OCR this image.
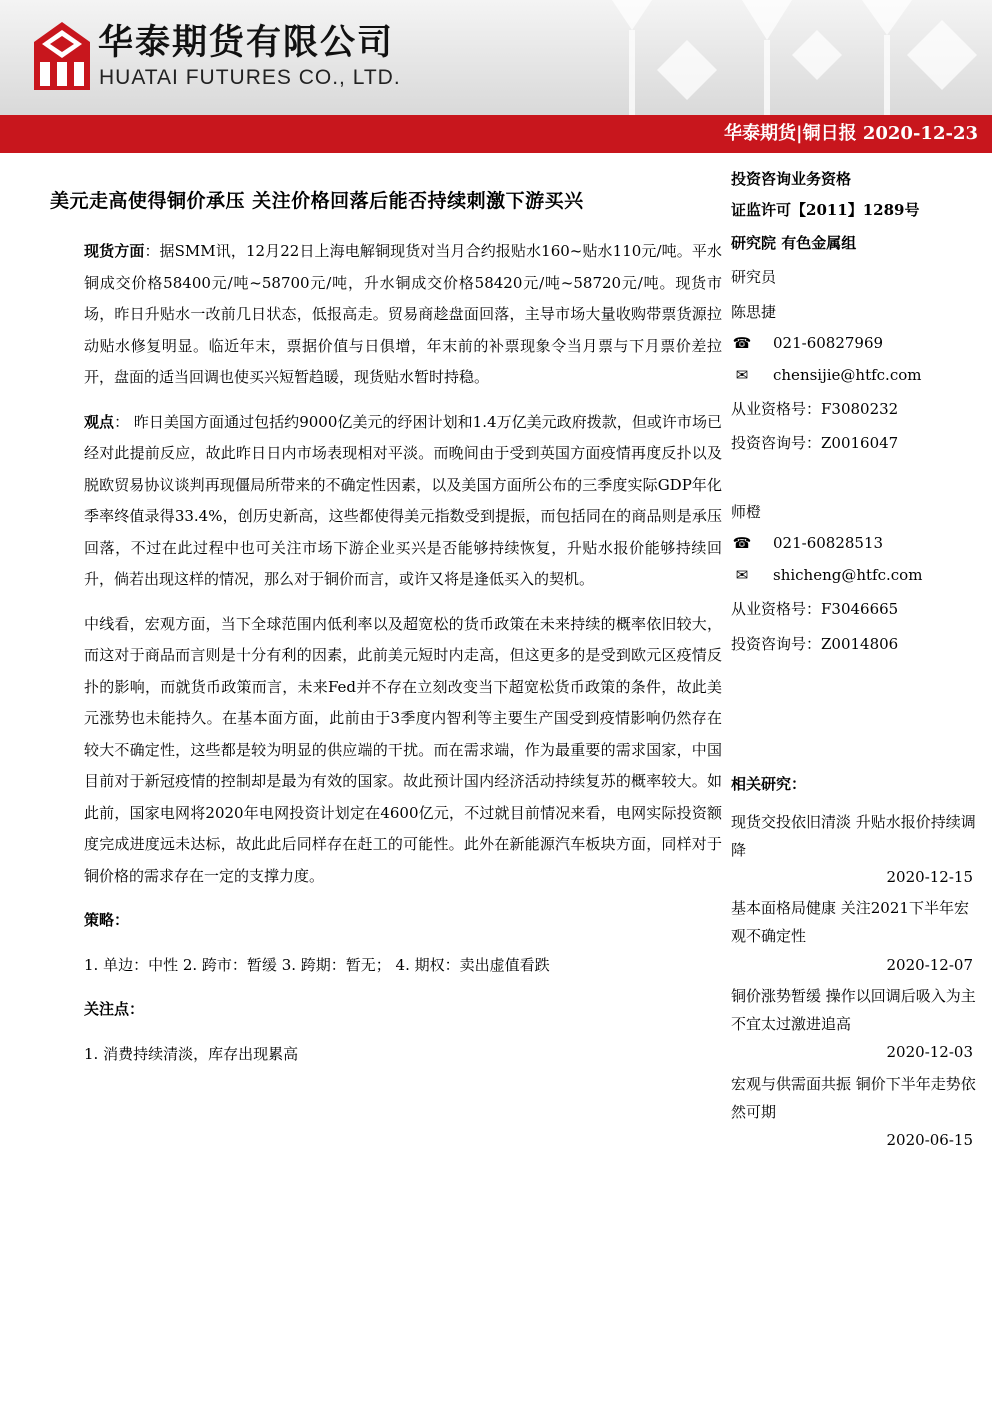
华泰期货有限公司
HUATAI FUTURES CO., LTD.
华泰期货|铜日报 2020-12-23
美元走高使得铜价承压 关注价格回落后能否持续刺激下游买兴

现货方面：据SMM讯，12月22日上海电解铜现货对当月合约报贴水160~贴水110元/吨。平水铜成交价格58400元/吨~58700元/吨，升水铜成交价格58420元/吨~58720元/吨。现货市场，昨日升贴水一改前几日状态，低报高走。贸易商趁盘面回落，主导市场大量收购带票货源拉动贴水修复明显。临近年末，票据价值与日俱增，年末前的补票现象令当月票与下月票价差拉开，盘面的适当回调也使买兴短暂趋暖，现货贴水暂时持稳。

观点： 昨日美国方面通过包括约9000亿美元的纾困计划和1.4万亿美元政府拨款，但或许市场已经对此提前反应，故此昨日日内市场表现相对平淡。而晚间由于受到英国方面疫情再度反扑以及脱欧贸易协议谈判再现僵局所带来的不确定性因素，以及美国方面所公布的三季度实际GDP年化季率终值录得33.4%，创历史新高，这些都使得美元指数受到提振，而包括同在的商品则是承压回落，不过在此过程中也可关注市场下游企业买兴是否能够持续恢复，升贴水报价能够持续回升，倘若出现这样的情况，那么对于铜价而言，或许又将是逢低买入的契机。

中线看，宏观方面，当下全球范围内低利率以及超宽松的货币政策在未来持续的概率依旧较大，而这对于商品而言则是十分有利的因素，此前美元短时内走高，但这更多的是受到欧元区疫情反扑的影响，而就货币政策而言，未来Fed并不存在立刻改变当下超宽松货币政策的条件，故此美元涨势也未能持久。在基本面方面，此前由于3季度内智利等主要生产国受到疫情影响仍然存在较大不确定性，这些都是较为明显的供应端的干扰。而在需求端，作为最重要的需求国家，中国目前对于新冠疫情的控制却是最为有效的国家。故此预计国内经济活动持续复苏的概率较大。如此前，国家电网将2020年电网投资计划定在4600亿元，不过就目前情况来看，电网实际投资额度完成进度远未达标，故此此后同样存在赶工的可能性。此外在新能源汽车板块方面，同样对于铜价格的需求存在一定的支撑力度。

策略：

1. 单边：中性 2. 跨市：暂缓 3. 跨期：暂无； 4. 期权：卖出虚值看跌

关注点：

1. 消费持续清淡，库存出现累高

投资咨询业务资格
证监许可【2011】1289号
研究院 有色金属组
研究员
陈思捷
☎ 021-60827969
✉ chensijie@htfc.com
从业资格号：F3080232
投资咨询号：Z0016047
师橙
☎ 021-60828513
✉ shicheng@htfc.com
从业资格号：F3046665
投资咨询号：Z0014806
相关研究：
现货交投依旧清淡 升贴水报价持续调降
2020-12-15
基本面格局健康 关注2021下半年宏观不确定性
2020-12-07
铜价涨势暂缓 操作以回调后吸入为主不宜太过激进追高
2020-12-03
宏观与供需面共振 铜价下半年走势依然可期
2020-06-15
